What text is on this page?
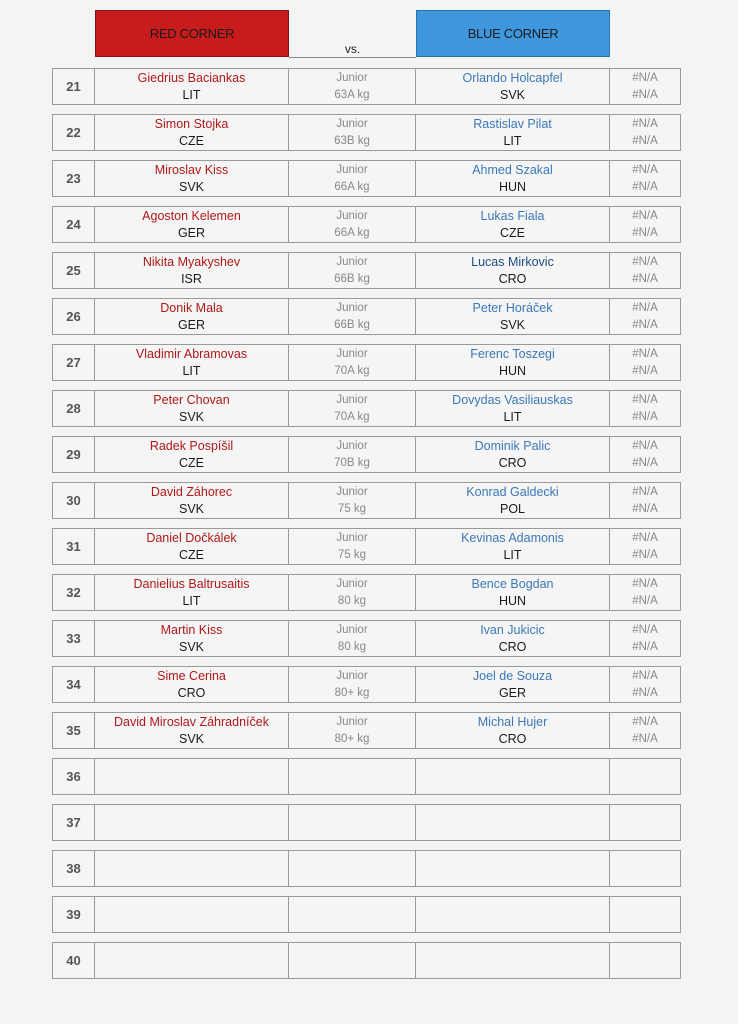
RED CORNER
vs.
BLUE CORNER
21
Giedrius Baciankas
LIT
Junior
63A kg
Orlando Holcapfel
SVK
#N/A
#N/A
22
Simon Stojka
CZE
Junior
63B kg
Rastislav Pilat
LIT
#N/A
#N/A
23
Miroslav Kiss
SVK
Junior
66A kg
Ahmed Szakal
HUN
#N/A
#N/A
24
Agoston Kelemen
GER
Junior
66A kg
Lukas Fiala
CZE
#N/A
#N/A
25
Nikita Myakyshev
ISR
Junior
66B kg
Lucas Mirkovic
CRO
#N/A
#N/A
26
Donik Mala
GER
Junior
66B kg
Peter Horáček
SVK
#N/A
#N/A
27
Vladimir Abramovas
LIT
Junior
70A kg
Ferenc Toszegi
HUN
#N/A
#N/A
28
Peter Chovan
SVK
Junior
70A kg
Dovydas Vasiliauskas
LIT
#N/A
#N/A
29
Radek Pospíšil
CZE
Junior
70B kg
Dominik Palic
CRO
#N/A
#N/A
30
David Záhorec
SVK
Junior
75 kg
Konrad Galdecki
POL
#N/A
#N/A
31
Daniel Dočkálek
CZE
Junior
75 kg
Kevinas Adamonis
LIT
#N/A
#N/A
32
Danielius Baltrusaitis
LIT
Junior
80 kg
Bence Bogdan
HUN
#N/A
#N/A
33
Martin Kiss
SVK
Junior
80 kg
Ivan Jukicic
CRO
#N/A
#N/A
34
Sime Cerina
CRO
Junior
80+ kg
Joel de Souza
GER
#N/A
#N/A
35
David Miroslav Záhradníček
SVK
Junior
80+ kg
Michal Hujer
CRO
#N/A
#N/A
36
37
38
39
40
